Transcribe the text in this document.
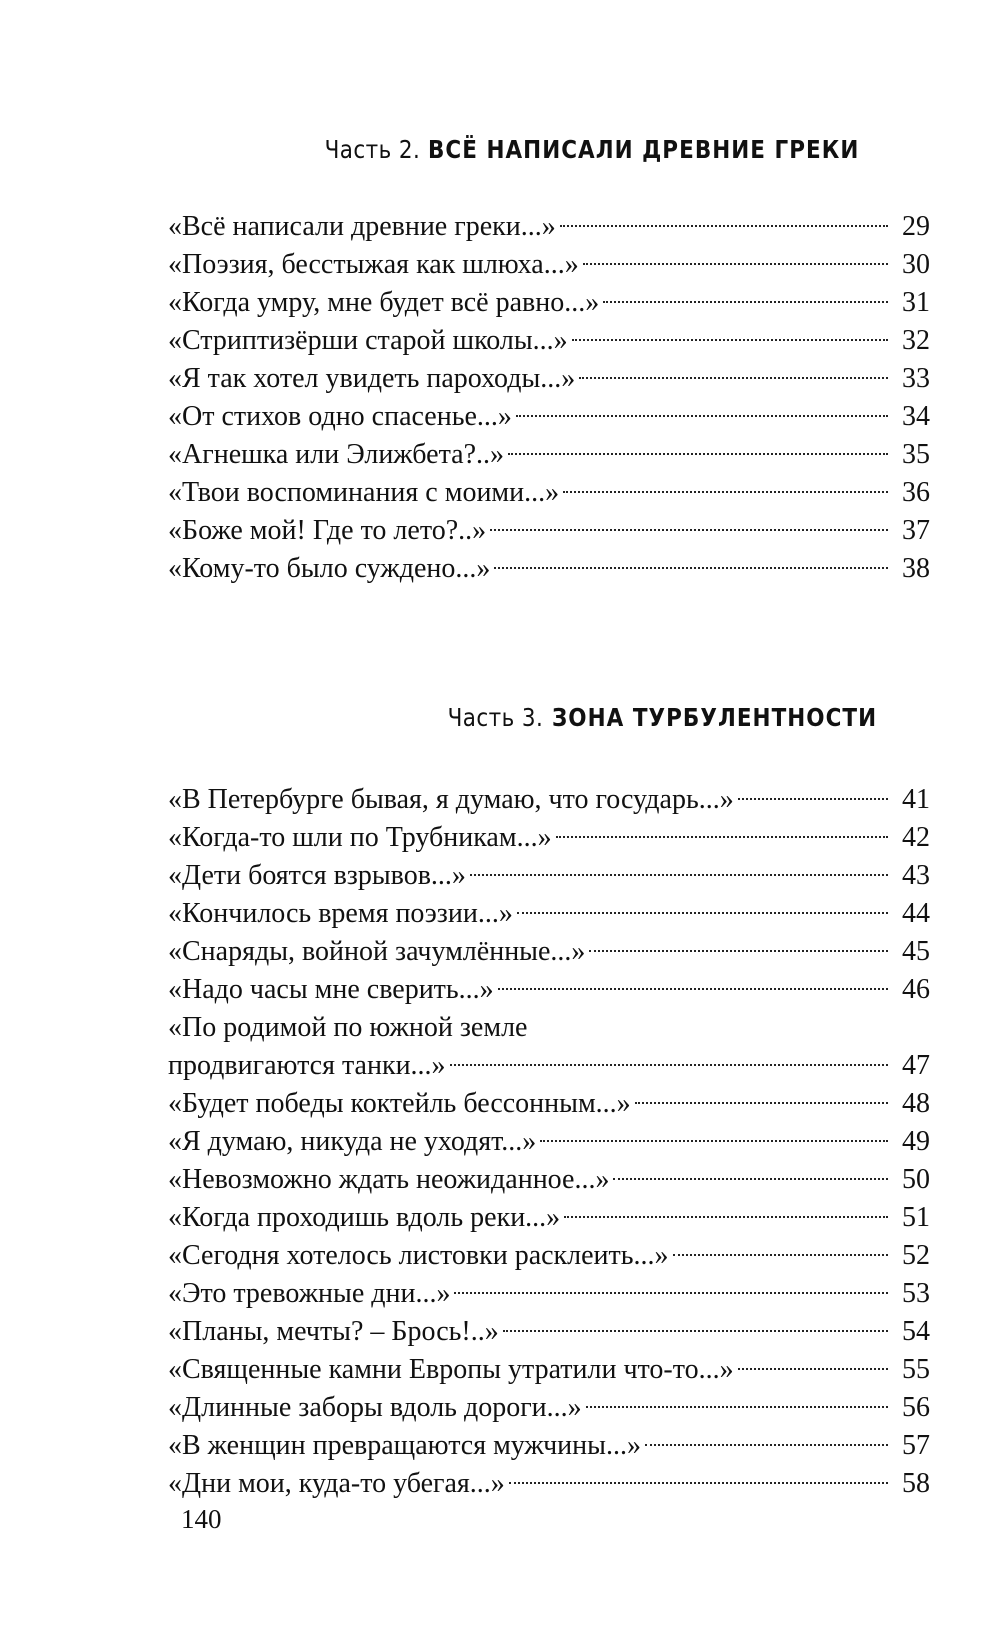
Часть 2. ВСЁ НАПИСАЛИ ДРЕВНИЕ ГРЕКИ
«Всё написали древние греки...»	29
«Поэзия, бесстыжая как шлюха...»	30
«Когда умру, мне будет всё равно...»	31
«Стриптизёрши старой школы...»	32
«Я так хотел увидеть пароходы...»	33
«От стихов одно спасенье...»	34
«Агнешка или Элижбета?..»	35
«Твои воспоминания с моими...»	36
«Боже мой! Где то лето?..»	37
«Кому-то было суждено...»	38
Часть 3. ЗОНА ТУРБУЛЕНТНОСТИ
«В Петербурге бывая, я думаю, что государь...»	41
«Когда-то шли по Трубникам...»	42
«Дети боятся взрывов...»	43
«Кончилось время поэзии...»	44
«Снаряды, войной зачумлённые...»	45
«Надо часы мне сверить...»	46
«По родимой по южной земле
продвигаются танки...»	47
«Будет победы коктейль бессонным...»	48
«Я думаю, никуда не уходят...»	49
«Невозможно ждать неожиданное...»	50
«Когда проходишь вдоль реки...»	51
«Сегодня хотелось листовки расклеить...»	52
«Это тревожные дни...»	53
«Планы, мечты? – Брось!..»	54
«Священные камни Европы утратили что-то...»	55
«Длинные заборы вдоль дороги...»	56
«В женщин превращаются мужчины...»	57
«Дни мои, куда-то убегая...»	58
140
